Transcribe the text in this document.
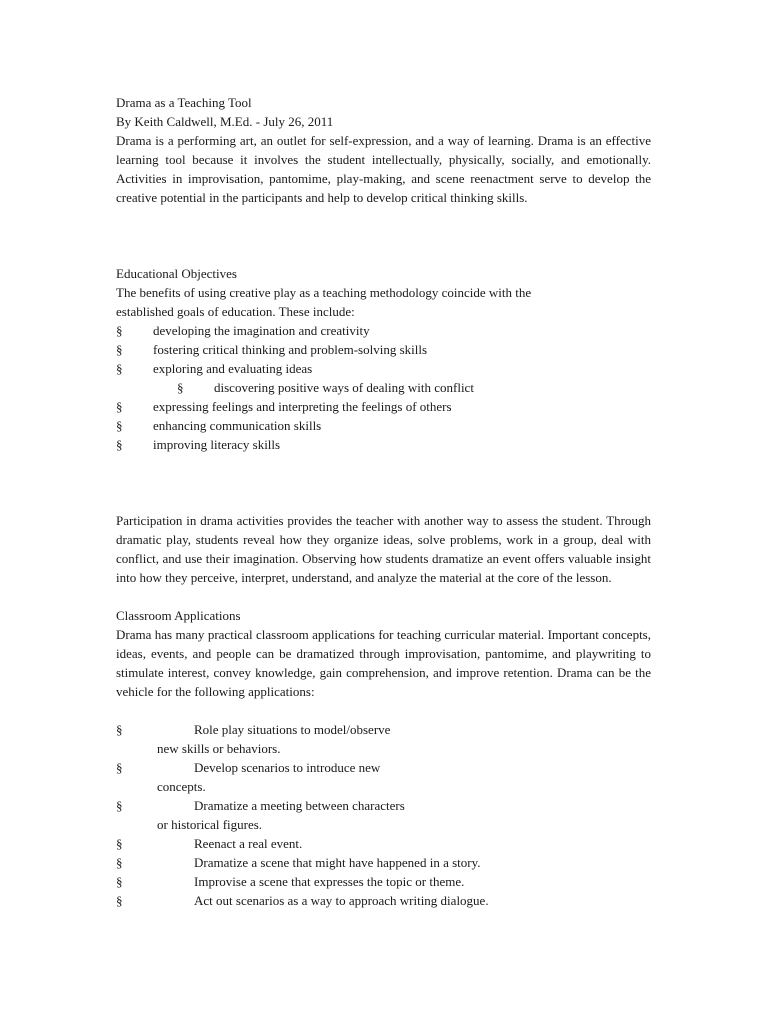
Drama as a Teaching Tool
By Keith Caldwell, M.Ed. - July 26, 2011
Drama is a performing art, an outlet for self-expression, and a way of learning. Drama is an effective learning tool because it involves the student intellectually, physically, socially, and emotionally. Activities in improvisation, pantomime, play-making, and scene reenactment serve to develop the creative potential in the participants and help to develop critical thinking skills.
Educational Objectives
The benefits of using creative play as a teaching methodology coincide with the
established goals of education. These include:
§ developing the imagination and creativity
§ fostering critical thinking and problem-solving skills
§ exploring and evaluating ideas
§ discovering positive ways of dealing with conflict
§ expressing feelings and interpreting the feelings of others
§ enhancing communication skills
§ improving literacy skills
Participation in drama activities provides the teacher with another way to assess the student. Through dramatic play, students reveal how they organize ideas, solve problems, work in a group, deal with conflict, and use their imagination. Observing how students dramatize an event offers valuable insight into how they perceive, interpret, understand, and analyze the material at the core of the lesson.
Classroom Applications
Drama has many practical classroom applications for teaching curricular material. Important concepts, ideas, events, and people can be dramatized through improvisation, pantomime, and playwriting to stimulate interest, convey knowledge, gain comprehension, and improve retention. Drama can be the vehicle for the following applications:
§	Role play situations to model/observe
new skills or behaviors.
§	Develop scenarios to introduce new
concepts.
§	Dramatize a meeting between characters
or historical figures.
§	Reenact a real event.
§	Dramatize a scene that might have happened in a story.
§	Improvise a scene that expresses the topic or theme.
§	Act out scenarios as a way to approach writing dialogue.
